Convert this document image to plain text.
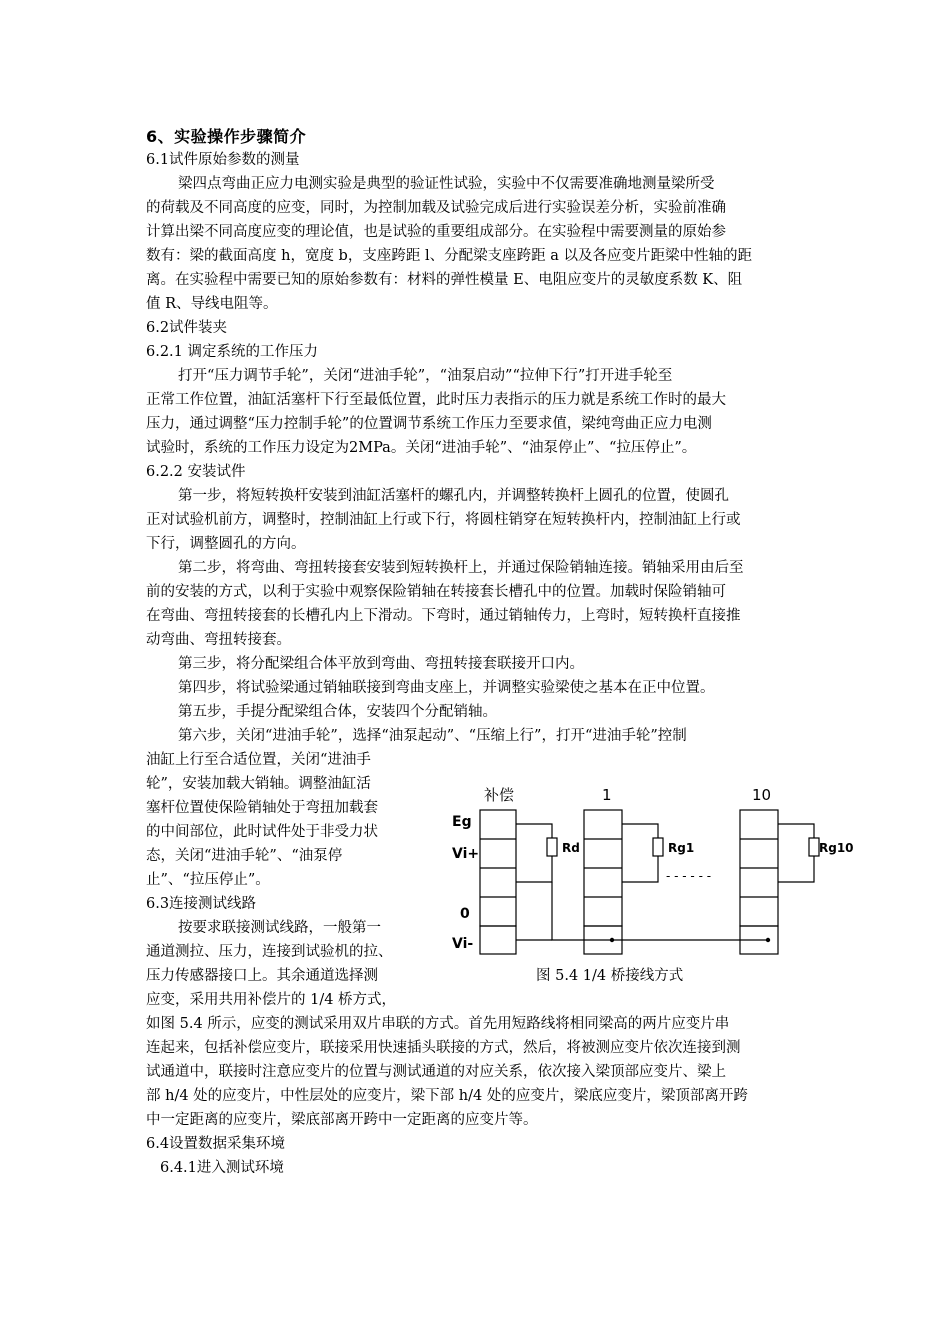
6、实验操作步骤简介
6.1试件原始参数的测量
梁四点弯曲正应力电测实验是典型的验证性试验，实验中不仅需要准确地测量梁所受
的荷载及不同高度的应变，同时，为控制加载及试验完成后进行实验误差分析，实验前准确
计算出梁不同高度应变的理论值，也是试验的重要组成部分。在实验程中需要测量的原始参
数有：梁的截面高度 h，宽度 b，支座跨距 l、分配梁支座跨距 a 以及各应变片距梁中性轴的距
离。在实验程中需要已知的原始参数有：材料的弹性模量 E、电阻应变片的灵敏度系数 K、阻
值 R、导线电阻等。
6.2试件装夹
6.2.1 调定系统的工作压力
打开“压力调节手轮”，关闭“进油手轮”，“油泵启动”“拉伸下行”打开进手轮至
正常工作位置，油缸活塞杆下行至最低位置，此时压力表指示的压力就是系统工作时的最大
压力，通过调整“压力控制手轮”的位置调节系统工作压力至要求值，梁纯弯曲正应力电测
试验时，系统的工作压力设定为2MPa。关闭“进油手轮”、“油泵停止”、“拉压停止”。
6.2.2 安装试件
第一步，将短转换杆安装到油缸活塞杆的螺孔内，并调整转换杆上圆孔的位置，使圆孔
正对试验机前方，调整时，控制油缸上行或下行，将圆柱销穿在短转换杆内，控制油缸上行或
下行，调整圆孔的方向。
第二步，将弯曲、弯扭转接套安装到短转换杆上，并通过保险销轴连接。销轴采用由后至
前的安装的方式，以利于实验中观察保险销轴在转接套长槽孔中的位置。加载时保险销轴可
在弯曲、弯扭转接套的长槽孔内上下滑动。下弯时，通过销轴传力，上弯时，短转换杆直接推
动弯曲、弯扭转接套。
第三步，将分配梁组合体平放到弯曲、弯扭转接套联接开口内。
第四步，将试验梁通过销轴联接到弯曲支座上，并调整实验梁使之基本在正中位置。
第五步，手提分配梁组合体，安装四个分配销轴。
第六步，关闭“进油手轮”，选择“油泵起动”、“压缩上行”，打开“进油手轮”控制
油缸上行至合适位置，关闭“进油手
轮”，安装加载大销轴。调整油缸活
塞杆位置使保险销轴处于弯扭加载套
的中间部位，此时试件处于非受力状
态，关闭“进油手轮”、“油泵停
止”、“拉压停止”。
6.3连接测试线路
按要求联接测试线路，一般第一
通道测拉、压力，连接到试验机的拉、
压力传感器接口上。其余通道选择测
应变，采用共用补偿片的 1/4 桥方式，
如图 5.4 所示，应变的测试采用双片串联的方式。首先用短路线将相同梁高的两片应变片串
连起来，包括补偿应变片，联接采用快速插头联接的方式，然后，将被测应变片依次连接到测
试通道中，联接时注意应变片的位置与测试通道的对应关系，依次接入梁顶部应变片、梁上
部 h/4 处的应变片，中性层处的应变片，梁下部 h/4 处的应变片，梁底应变片，梁顶部离开跨
中一定距离的应变片，梁底部离开跨中一定距离的应变片等。
6.4设置数据采集环境
6.4.1进入测试环境
补偿	1	10
Eg
Vi+
0
Vi-
Rd	Rg1	Rg10
- - - - - -
图 5.4 1/4 桥接线方式
